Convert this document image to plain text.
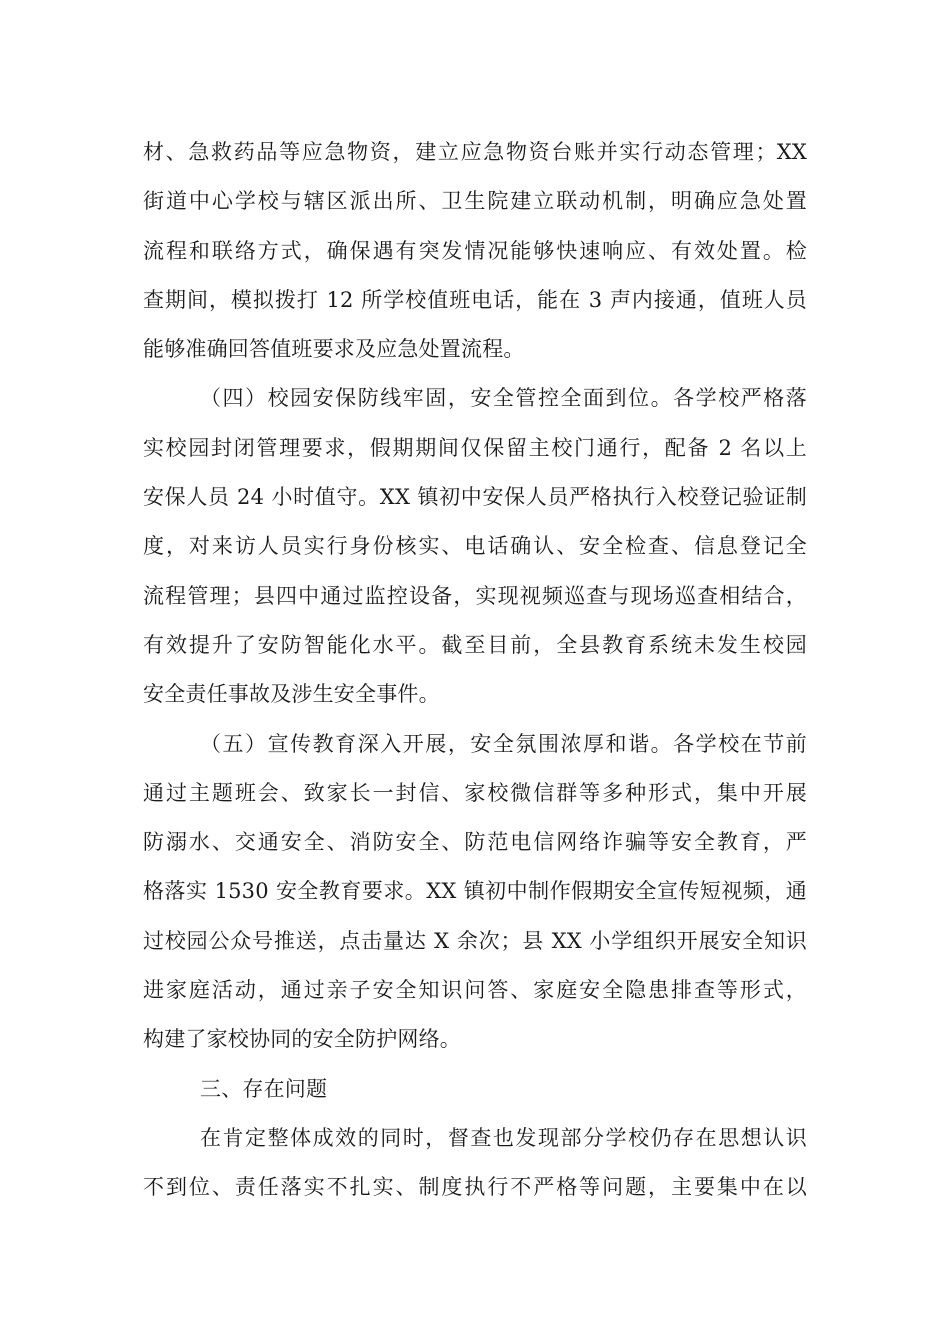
材、急救药品等应急物资，建立应急物资台账并实行动态管理；XX
街道中心学校与辖区派出所、卫生院建立联动机制，明确应急处置
流程和联络方式，确保遇有突发情况能够快速响应、有效处置。检
查期间，模拟拨打 12 所学校值班电话，能在 3 声内接通，值班人员
能够准确回答值班要求及应急处置流程。
（四）校园安保防线牢固，安全管控全面到位。各学校严格落
实校园封闭管理要求，假期期间仅保留主校门通行，配备 2 名以上
安保人员 24 小时值守。XX 镇初中安保人员严格执行入校登记验证制
度，对来访人员实行身份核实、电话确认、安全检查、信息登记全
流程管理；县四中通过监控设备，实现视频巡查与现场巡查相结合，
有效提升了安防智能化水平。截至目前，全县教育系统未发生校园
安全责任事故及涉生安全事件。
（五）宣传教育深入开展，安全氛围浓厚和谐。各学校在节前
通过主题班会、致家长一封信、家校微信群等多种形式，集中开展
防溺水、交通安全、消防安全、防范电信网络诈骗等安全教育，严
格落实 1530 安全教育要求。XX 镇初中制作假期安全宣传短视频，通
过校园公众号推送，点击量达 X 余次；县 XX 小学组织开展安全知识
进家庭活动，通过亲子安全知识问答、家庭安全隐患排查等形式，
构建了家校协同的安全防护网络。
三、存在问题
在肯定整体成效的同时，督查也发现部分学校仍存在思想认识
不到位、责任落实不扎实、制度执行不严格等问题，主要集中在以
